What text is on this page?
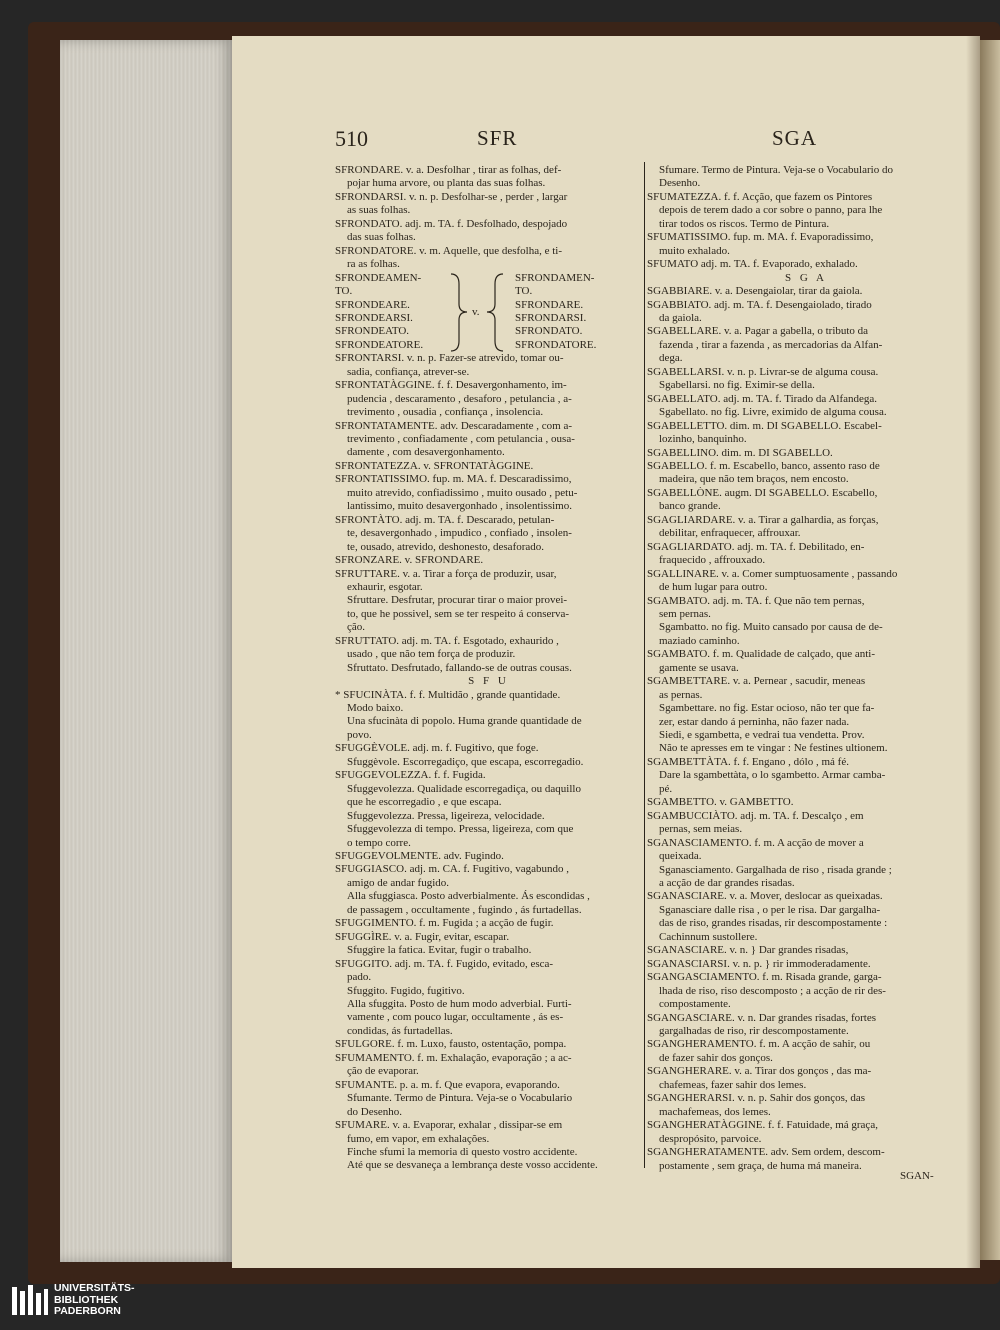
510	SFR	SGA
SFRONDARE. v. a. Desfolhar , tirar as folhas, def-
pojar huma arvore, ou planta das suas folhas.
SFRONDARSI. v. n. p. Desfolhar-se , perder , largar
as suas folhas.
SFRONDATO. adj. m. TA. f. Desfolhado, despojado
das suas folhas.
SFRONDATORE. v. m. Aquelle, que desfolha, e ti-
ra as folhas.
SFRONDEAMEN-	SFRONDAMEN-
TO.	TO.
SFRONDEARE.	SFRONDARE.
SFRONDEARSI.	SFRONDARSI.
SFRONDEATO.	SFRONDATO.
SFRONDEATORE.	SFRONDATORE.
v.
SFRONTARSI. v. n. p. Fazer-se atrevido, tomar ou-
sadia, confiança, atrever-se.
SFRONTATÀGGINE. f. f. Desavergonhamento, im-
pudencia , descaramento , desaforo , petulancia , a-
trevimento , ousadia , confiança , insolencia.
SFRONTATAMENTE. adv. Descaradamente , com a-
trevimento , confiadamente , com petulancia , ousa-
damente , com desavergonhamento.
SFRONTATEZZA. v. SFRONTATÀGGINE.
SFRONTATISSIMO. fup. m. MA. f. Descaradissimo,
muito atrevido, confiadissimo , muito ousado , petu-
lantissimo, muito desavergonhado , insolentissimo.
SFRONTÀTO. adj. m. TA. f. Descarado, petulan-
te, desavergonhado , impudico , confiado , insolen-
te, ousado, atrevido, deshonesto, desaforado.
SFRONZARE. v. SFRONDARE.
SFRUTTARE. v. a. Tirar a força de produzir, usar,
exhaurir, esgotar.
Sfruttare. Desfrutar, procurar tirar o maior provei-
to, que he possivel, sem se ter respeito á conserva-
ção.
SFRUTTATO. adj. m. TA. f. Esgotado, exhaurido ,
usado , que não tem força de produzir.
Sfruttato. Desfrutado, fallando-se de outras cousas.
S F U
* SFUCINÀTA. f. f. Multidão , grande quantidade.
Modo baixo.
Una sfucinàta di popolo. Huma grande quantidade de
povo.
SFUGGÈVOLE. adj. m. f. Fugitivo, que foge.
Sfuggèvole. Escorregadiço, que escapa, escorregadio.
SFUGGEVOLEZZA. f. f. Fugida.
Sfuggevolezza. Qualidade escorregadiça, ou daquillo
que he escorregadio , e que escapa.
Sfuggevolezza. Pressa, ligeireza, velocidade.
Sfuggevolezza di tempo. Pressa, ligeireza, com que
o tempo corre.
SFUGGEVOLMENTE. adv. Fugindo.
SFUGGIASCO. adj. m. CA. f. Fugitivo, vagabundo ,
amigo de andar fugido.
Alla sfuggiasca. Posto adverbialmente. Ás escondidas ,
de passagem , occultamente , fugindo , ás furtadellas.
SFUGGIMENTO. f. m. Fugida ; a acção de fugir.
SFUGGÌRE. v. a. Fugir, evitar, escapar.
Sfuggìre la fatica. Evitar, fugir o trabalho.
SFUGGITO. adj. m. TA. f. Fugido, evitado, esca-
pado.
Sfuggito. Fugido, fugitivo.
Alla sfuggita. Posto de hum modo adverbial. Furti-
vamente , com pouco lugar, occultamente , ás es-
condidas, ás furtadellas.
SFULGORE. f. m. Luxo, fausto, ostentação, pompa.
SFUMAMENTO. f. m. Exhalação, evaporação ; a ac-
ção de evaporar.
SFUMANTE. p. a. m. f. Que evapora, evaporando.
Sfumante. Termo de Pintura. Veja-se o Vocabulario
do Desenho.
SFUMARE. v. a. Evaporar, exhalar , dissipar-se em
fumo, em vapor, em exhalações.
Finche sfumi la memoria di questo vostro accidente.
Até que se desvaneça a lembrança deste vosso accidente.
Sfumare. Termo de Pintura. Veja-se o Vocabulario do
Desenho.
SFUMATEZZA. f. f. Acção, que fazem os Pintores
depois de terem dado a cor sobre o panno, para lhe
tirar todos os riscos. Termo de Pintura.
SFUMATISSIMO. fup. m. MA. f. Evaporadissimo,
muito exhalado.
SFUMATO adj. m. TA. f. Evaporado, exhalado.
S G A
SGABBIARE. v. a. Desengaiolar, tirar da gaiola.
SGABBIATO. adj. m. TA. f. Desengaiolado, tirado
da gaiola.
SGABELLARE. v. a. Pagar a gabella, o tributo da
fazenda , tirar a fazenda , as mercadorias da Alfan-
dega.
SGABELLARSI. v. n. p. Livrar-se de alguma cousa.
Sgabellarsi. no fig. Eximir-se della.
SGABELLATO. adj. m. TA. f. Tirado da Alfandega.
Sgabellato. no fig. Livre, eximido de alguma cousa.
SGABELLETTO. dim. m. DI SGABELLO. Escabel-
lozinho, banquinho.
SGABELLINO. dim. m. DI SGABELLO.
SGABELLO. f. m. Escabello, banco, assento raso de
madeira, que não tem braços, nem encosto.
SGABELLÒNE. augm. DI SGABELLO. Escabello,
banco grande.
SGAGLIARDARE. v. a. Tirar a galhardia, as forças,
debilitar, enfraquecer, affrouxar.
SGAGLIARDATO. adj. m. TA. f. Debilitado, en-
fraquecido , affrouxado.
SGALLINARE. v. a. Comer sumptuosamente , passando
de hum lugar para outro.
SGAMBATO. adj. m. TA. f. Que não tem pernas,
sem pernas.
Sgambatto. no fig. Muito cansado por causa de de-
maziado caminho.
SGAMBATO. f. m. Qualidade de calçado, que anti-
gamente se usava.
SGAMBETTARE. v. a. Pernear , sacudir, meneas
as pernas.
Sgambettare. no fig. Estar ocioso, não ter que fa-
zer, estar dando á perninha, não fazer nada.
Siedi, e sgambetta, e vedrai tua vendetta. Prov.
Não te apresses em te vingar : Ne festines ultionem.
SGAMBETTÀTA. f. f. Engano , dólo , má fé.
Dare la sgambettàta, o lo sgambetto. Armar camba-
pé.
SGAMBETTO. v. GAMBETTO.
SGAMBUCCIÀTO. adj. m. TA. f. Descalço , em
pernas, sem meias.
SGANASCIAMENTO. f. m. A acção de mover a
queixada.
Sganasciamento. Gargalhada de riso , risada grande ;
a acção de dar grandes risadas.
SGANASCIARE. v. a. Mover, deslocar as queixadas.
Sganasciare dalle risa , o per le risa. Dar gargalha-
das de riso, grandes risadas, rir descompostamente :
Cachinnum sustollere.
SGANASCIARE. v. n. } Dar grandes risadas,
SGANASCIARSI. v. n. p. } rir immoderadamente.
SGANGASCIAMENTO. f. m. Risada grande, garga-
lhada de riso, riso descomposto ; a acção de rir des-
compostamente.
SGANGASCIARE. v. n. Dar grandes risadas, fortes
gargalhadas de riso, rir descompostamente.
SGANGHERAMENTO. f. m. A acção de sahir, ou
de fazer sahir dos gonços.
SGANGHERARE. v. a. Tirar dos gonços , das ma-
chafemeas, fazer sahir dos lemes.
SGANGHERARSI. v. n. p. Sahir dos gonços, das
machafemeas, dos lemes.
SGANGHERATÀGGINE. f. f. Fatuidade, má graça,
despropósito, parvoice.
SGANGHERATAMENTE. adv. Sem ordem, descom-
postamente , sem graça, de huma má maneira.
SGAN-
UNIVERSITÄTS-
BIBLIOTHEK
PADERBORN
